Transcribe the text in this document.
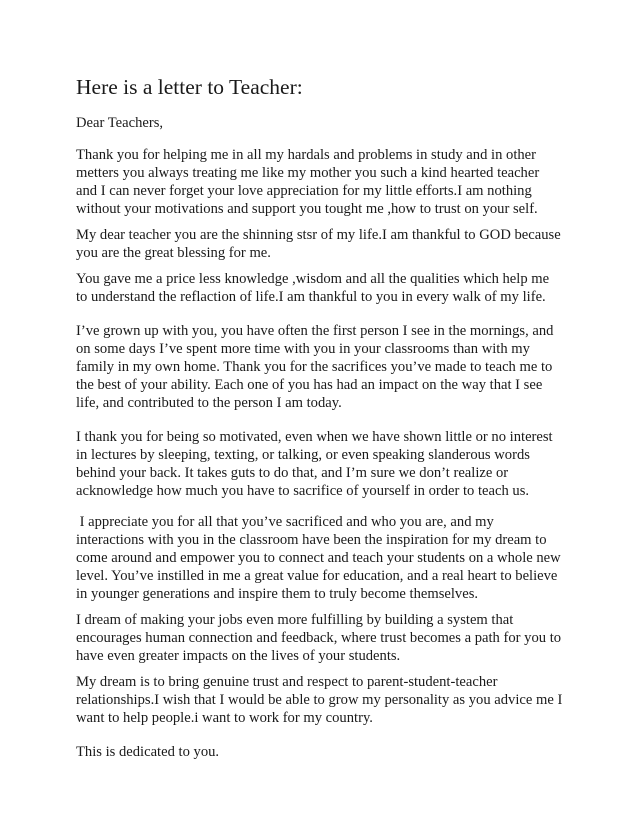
Here is a letter to Teacher:

Dear Teachers,

Thank you for helping me in all my hardals and problems in study and in other
metters you always treating me like my mother you such a kind hearted teacher
and I can never forget your love appreciation for my little efforts.I am nothing
without your motivations and support you tought me ,how to trust on your self.

My dear teacher you are the shinning stsr of my life.I am thankful to GOD because
you are the great blessing for me.

You gave me a price less knowledge ,wisdom and all the qualities which help me
to understand the reflaction of life.I am thankful to you in every walk of my life.

I’ve grown up with you, you have often the first person I see in the mornings, and
on some days I’ve spent more time with you in your classrooms than with my
family in my own home. Thank you for the sacrifices you’ve made to teach me to
the best of your ability. Each one of you has had an impact on the way that I see
life, and contributed to the person I am today.

I thank you for being so motivated, even when we have shown little or no interest
in lectures by sleeping, texting, or talking, or even speaking slanderous words
behind your back. It takes guts to do that, and I’m sure we don’t realize or
acknowledge how much you have to sacrifice of yourself in order to teach us.

I appreciate you for all that you’ve sacrificed and who you are, and my
interactions with you in the classroom have been the inspiration for my dream to
come around and empower you to connect and teach your students on a whole new
level. You’ve instilled in me a great value for education, and a real heart to believe
in younger generations and inspire them to truly become themselves.

I dream of making your jobs even more fulfilling by building a system that
encourages human connection and feedback, where trust becomes a path for you to
have even greater impacts on the lives of your students.

My dream is to bring genuine trust and respect to parent-student-teacher
relationships.I wish that I would be able to grow my personality as you advice me I
want to help people.i want to work for my country.

This is dedicated to you.
